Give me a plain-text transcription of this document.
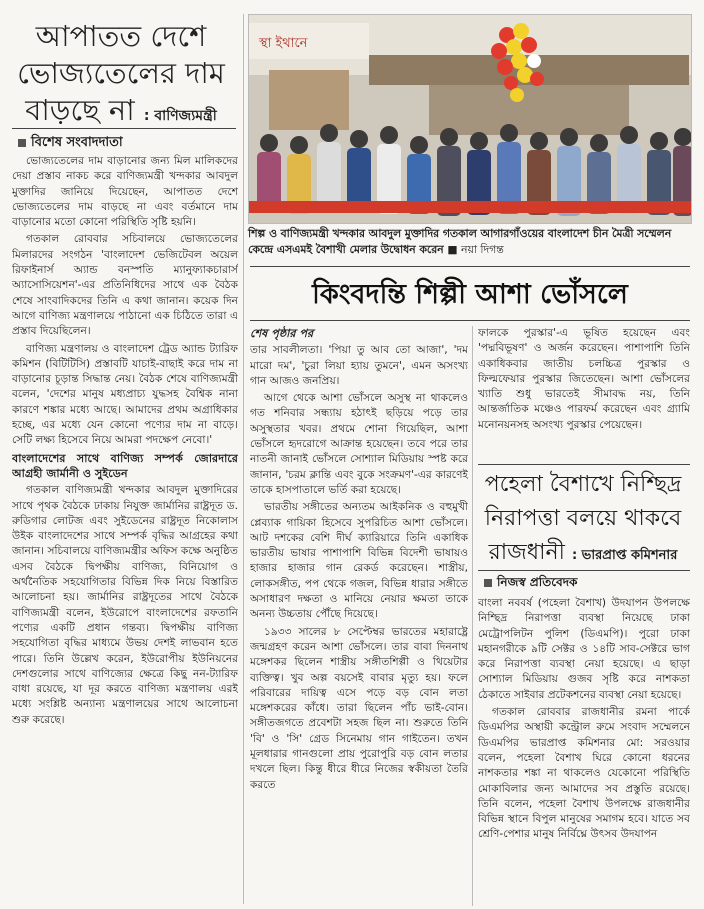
আপাতত দেশে
ভোজ্যতেলের দাম
বাড়ছে না : বাণিজ্যমন্ত্রী
বিশেষ সংবাদদাতা

ভোজ্যতেলের দাম বাড়ানোর জন্য মিল মালিকদের দেয়া প্রস্তাব নাকচ করে বাণিজ্যমন্ত্রী খন্দকার আবদুল মুক্তাদির জানিয়ে দিয়েছেন, আপাতত দেশে ভোজ্যতেলের দাম বাড়ছে না এবং বর্তমানে দাম বাড়ানোর মতো কোনো পরিস্থিতি সৃষ্টি হয়নি।

গতকাল রোববার সচিবালয়ে ভোজ্যতেলের মিলারদের সংগঠন 'বাংলাদেশ ভেজিটেবল অয়েল রিফাইনার্স অ্যান্ড বনস্পতি ম্যানুফ্যাকচারার্স অ্যাসোসিয়েশন'-এর প্রতিনিধিদের সাথে এক বৈঠক শেষে সাংবাদিকদের তিনি এ কথা জানান। কয়েক দিন আগে বাণিজ্য মন্ত্রণালয়ে পাঠানো এক চিঠিতে তারা এ প্রস্তাব দিয়েছিলেন।

বাণিজ্য মন্ত্রণালয় ও বাংলাদেশ ট্রেড অ্যান্ড ট্যারিফ কমিশন (বিটিটিসি) প্রস্তাবটি যাচাই-বাছাই করে দাম না বাড়ানোর চূড়ান্ত সিদ্ধান্ত নেয়। বৈঠক শেষে বাণিজ্যমন্ত্রী বলেন, 'দেশের মানুষ মধ্যপ্রাচ্য যুদ্ধসহ বৈশ্বিক নানা কারণে শঙ্কার মধ্যে আছে। আমাদের প্রথম অগ্রাধিকার হচ্ছে, এর মধ্যে যেন কোনো পণ্যের দাম না বাড়ে। সেটি লক্ষ্য হিসেবে নিয়ে আমরা পদক্ষেপ নেবো।'

বাংলাদেশের সাথে বাণিজ্য সম্পর্ক জোরদারে আগ্রহী জার্মানী ও সুইডেন

গতকাল বাণিজ্যমন্ত্রী খন্দকার আবদুল মুক্তাদিরের সাথে পৃথক বৈঠকে ঢাকায় নিযুক্ত জার্মানির রাষ্ট্রদূত ড. রুডিগার লোটজ এবং সুইডেনের রাষ্ট্রদূত নিকোলাস উইক বাংলাদেশের সাথে সম্পর্ক বৃদ্ধির আগ্রহের কথা জানান। সচিবালয়ে বাণিজ্যমন্ত্রীর অফিস কক্ষে অনুষ্ঠিত এসব বৈঠকে দ্বিপক্ষীয় বাণিজ্য, বিনিয়োগ ও অর্থনৈতিক সহযোগিতার বিভিন্ন দিক নিয়ে বিস্তারিত আলোচনা হয়। জার্মানির রাষ্ট্রদূতের সাথে বৈঠকে বাণিজ্যমন্ত্রী বলেন, ইউরোপে বাংলাদেশের রফতানি পণ্যের একটি প্রধান গন্তব্য। দ্বিপক্ষীয় বাণিজ্য সহযোগিতা বৃদ্ধির মাধ্যমে উভয় দেশই লাভবান হতে পারে। তিনি উল্লেখ করেন, ইউরোপীয় ইউনিয়নের দেশগুলোর সাথে বাণিজ্যের ক্ষেত্রে কিছু নন-ট্যারিফ বাধা রয়েছে, যা দূর করতে বাণিজ্য মন্ত্রণালয় এরই মধ্যে সংশ্লিষ্ট অন্যান্য মন্ত্রণালয়ের সাথে আলোচনা শুরু করেছে।

স্থা ইথানে
শিল্প ও বাণিজ্যমন্ত্রী খন্দকার আবদুল মুক্তাদির গতকাল আগারগাঁওয়ের বাংলাদেশ চীন মৈত্রী সম্মেলন কেন্দ্রে এসএমই বৈশাখী মেলার উদ্বোধন করেন ■ নয়া দিগন্ত
কিংবদন্তি শিল্পী আশা ভোঁসলে

শেষ পৃষ্ঠার পর

তার সাবলীলতা। 'পিয়া তু আব তো আজা', 'দম মারো দম', 'চুরা লিয়া হ্যায় তুমনে', এমন অসংখ্য গান আজও জনপ্রিয়।

আগে থেকে আশা ভোঁসলে অসুস্থ না থাকলেও গত শনিবার সন্ধ্যায় হঠাৎই ছড়িয়ে পড়ে তার অসুস্থতার খবর। প্রথমে শোনা গিয়েছিল, আশা ভোঁসলে হৃদরোগে আক্রান্ত হয়েছেন। তবে পরে তার নাতনী জানাই ভোঁসলে সোশ্যাল মিডিয়ায় স্পষ্ট করে জানান, 'চরম ক্লান্তি এবং বুকে সংক্রমণ'-এর কারণেই তাকে হাসপাতালে ভর্তি করা হয়েছে।

ভারতীয় সঙ্গীতের অন্যতম আইকনিক ও বহুমুখী প্লেব্যাক গায়িকা হিসেবে সুপরিচিত আশা ভোঁসলে। আট দশকের বেশি দীর্ঘ ক্যারিয়ারে তিনি একাধিক ভারতীয় ভাষার পাশাপাশি বিভিন্ন বিদেশী ভাষায়ও হাজার হাজার গান রেকর্ড করেছেন। শাস্ত্রীয়, লোকসঙ্গীত, পপ থেকে গজল, বিভিন্ন ধারার সঙ্গীতে অসাধারণ দক্ষতা ও মানিয়ে নেয়ার ক্ষমতা তাকে অনন্য উচ্চতায় পৌঁছে দিয়েছে।

১৯৩৩ সালের ৮ সেপ্টেম্বর ভারতের মহারাষ্ট্রে জন্মগ্রহণ করেন আশা ভোঁসলে। তার বাবা দিননাথ মঙ্গেশকর ছিলেন শাস্ত্রীয় সঙ্গীতশিল্পী ও থিয়েটার ব্যক্তিত্ব। খুব অল্প বয়সেই বাবার মৃত্যু হয়। ফলে পরিবারের দায়িত্ব এসে পড়ে বড় বোন লতা মঙ্গেশকরের কাঁধে। তারা ছিলেন পাঁচ ভাই-বোন। সঙ্গীতজগতে প্রবেশটা সহজ ছিল না। শুরুতে তিনি 'বি' ও 'সি' গ্রেড সিনেমায় গান গাইতেন। তখন মূলধারার গানগুলো প্রায় পুরোপুরি বড় বোন লতার দখলে ছিল। কিন্তু ধীরে ধীরে নিজের স্বকীয়তা তৈরি করতে

ফালকে পুরস্কার'-এ ভূষিত হয়েছেন এবং 'পদ্মবিভূষণ' ও অর্জন করেছেন। পাশাপাশি তিনি একাধিকবার জাতীয় চলচ্চিত্র পুরস্কার ও ফিল্মফেয়ার পুরস্কার জিতেছেন। আশা ভোঁসলের খ্যাতি শুধু ভারতেই সীমাবদ্ধ নয়, তিনি আন্তর্জাতিক মঞ্চেও পারফর্ম করেছেন এবং গ্র্যামি মনোনয়নসহ অসংখ্য পুরস্কার পেয়েছেন।

পহেলা বৈশাখে নিশ্ছিদ্র
নিরাপত্তা বলয়ে থাকবে
রাজধানী : ভারপ্রাপ্ত কমিশনার
নিজস্ব প্রতিবেদক

বাংলা নববর্ষ (পহেলা বৈশাখ) উদযাপন উপলক্ষে নিশ্ছিদ্র নিরাপত্তা ব্যবস্থা নিয়েছে ঢাকা মেট্রোপলিটন পুলিশ (ডিএমপি)। পুরো ঢাকা মহানগরীকে ৯টি সেক্টর ও ১৪টি সাব-সেক্টরে ভাগ করে নিরাপত্তা ব্যবস্থা নেয়া হয়েছে। এ ছাড়া সোশ্যাল মিডিয়ায় গুজব সৃষ্টি করে নাশকতা ঠেকাতে সাইবার প্রটেকশনের ব্যবস্থা নেয়া হয়েছে।

গতকাল রোববার রাজধানীর রমনা পার্কে ডিএমপির অস্থায়ী কন্ট্রোল রুমে সংবাদ সম্মেলনে ডিএমপির ভারপ্রাপ্ত কমিশনার মো: সরওয়ার বলেন, পহেলা বৈশাখ ঘিরে কোনো ধরনের নাশকতার শঙ্কা না থাকলেও যেকোনো পরিস্থিতি মোকাবিলার জন্য আমাদের সব প্রস্তুতি রয়েছে। তিনি বলেন, পহেলা বৈশাখ উপলক্ষে রাজধানীর বিভিন্ন স্থানে বিপুল মানুষের সমাগম হবে। যাতে সব শ্রেণি-পেশার মানুষ নির্বিঘ্নে উৎসব উদযাপন
